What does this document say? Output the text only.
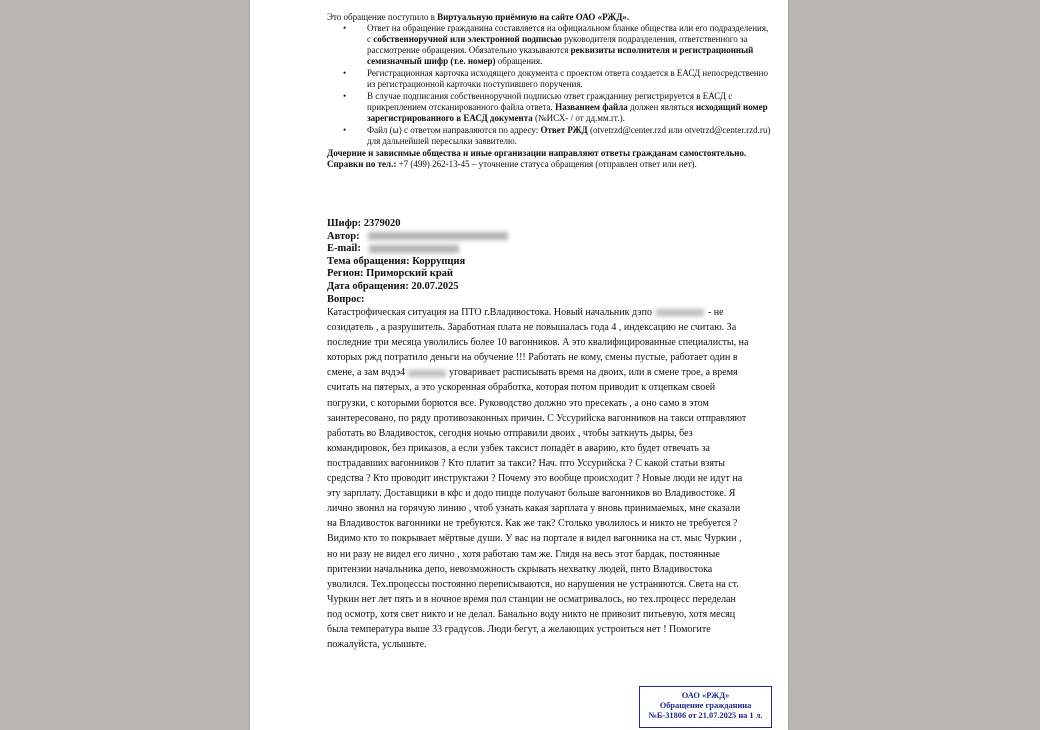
Это обращение поступило в Виртуальную приёмную на сайте ОАО «РЖД».

• Ответ на обращение гражданина составляется на официальном бланке общества или его подразделения, с собственноручной или электронной подписью руководителя подразделения, ответственного за рассмотрение обращения. Обязательно указываются реквизиты исполнителя и регистрационный семизначный шифр (т.е. номер) обращения.
• Регистрационная карточка исходящего документа с проектом ответа создается в ЕАСД непосредственно из регистрационной карточки поступившего поручения.
• В случае подписания собственноручной подписью ответ гражданину регистрируется в ЕАСД с прикреплением отсканированного файла ответа. Названием файла должен являться исходящий номер зарегистрированного в ЕАСД документа (№ИСХ- / от дд.мм.гг.).
• Файл (ы) с ответом направляются по адресу: Ответ РЖД (otvetrzd@center.rzd или otvetrzd@center.rzd.ru) для дальнейшей пересылки заявителю.

Дочерние и зависимые общества и иные организации направляют ответы гражданам самостоятельно.

Справки по тел.: +7 (499) 262-13-45 – уточнение статуса обращения (отправлен ответ или нет).

Шифр: 2379020
Автор:
E-mail:
Тема обращения: Коррупция
Регион: Приморский край
Дата обращения: 20.07.2025
Вопрос:
Катастрофическая ситуация на ПТО г.Владивостока. Новый начальник дэпо	- не созидатель , а разрушитель. Заработная плата не повышалась года 4 , индексацию не считаю. За последние три месяца уволились более 10 вагонников. А это квалифицированные специалисты, на которых ржд потратило деньги на обучение !!! Работать не кому, смены пустые, работает один в смене, а зам вчдэ4	уговаривает расписывать время на двоих, или в смене трое, а время считать на пятерых, а это ускоренная обработка, которая потом приводит к отцепкам своей погрузки, с которыми борются все. Руководство должно это пресекать , а оно само в этом заинтересовано, по ряду противозаконных причин. С Уссурийска вагонников на такси отправляют работать во Владивосток, сегодня ночью отправили двоих , чтобы заткнуть дыры, без командировок, без приказов, а если узбек таксист попадёт в аварию, кто будет отвечать за пострадавших вагонников ? Кто платит за такси? Нач. пто Уссурийска ? С какой статьи взяты средства ? Кто проводит инструктажи ? Почему это вообще происходит ? Новые люди не идут на эту зарплату. Доставщики в кфс и додо пицце получают больше вагонников во Владивостоке. Я лично звонил на горячую линию , чтоб узнать какая зарплата у вновь принимаемых, мне сказали на Владивосток вагонники не требуются. Как же так? Столько уволилось и никто не требуется ? Видимо кто то покрывает мёртвые души. У вас на портале я видел вагонника на ст. мыс Чуркин , но ни разу не видел его лично , хотя работаю там же. Глядя на весь этот бардак, постоянные притензии начальника депо, невозможность скрывать нехватку людей, пнто Владивостока уволился. Тех.процессы постоянно переписываются, но нарушения не устраняются. Света на ст. Чуркин нет лет пять и в ночное время пол станции не осматривалось, но тех.процесс переделан под осмотр, хотя свет никто и не делал. Банально воду никто не привозит питьевую, хотя месяц была температура выше 33 градусов. Люди бегут, а желающих устроиться нет ! Помогите пожалуйста, услышьте.
ОАО «РЖД»
Обращение гражданина
№Б-31806 от 21.07.2025 на 1 л.
